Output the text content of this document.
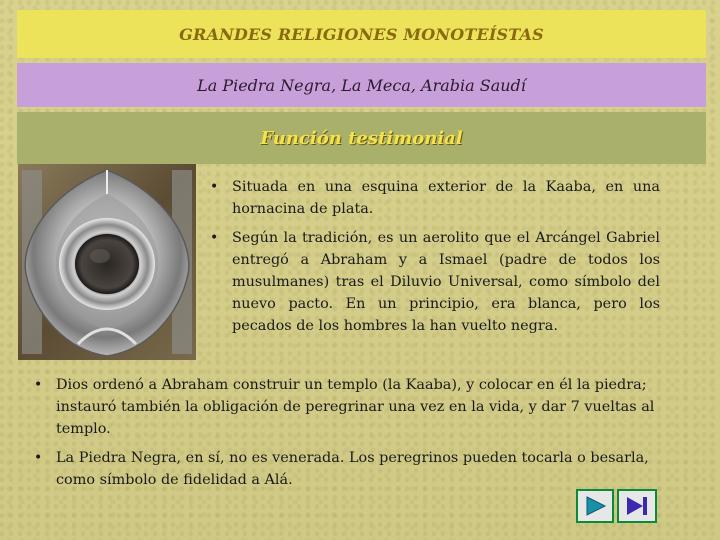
GRANDES RELIGIONES MONOTEÍSTAS
La Piedra Negra, La Meca, Arabia Saudí
Función testimonial
• Situada en una esquina exterior de la Kaaba, en una hornacina de plata.
• Según la tradición, es un aerolito que el Arcángel Gabriel entregó a Abraham y a Ismael (padre de todos los musulmanes) tras el Diluvio Universal, como símbolo del nuevo pacto. En un principio, era blanca, pero los pecados de los hombres la han vuelto negra.
• Dios ordenó a Abraham construir un templo (la Kaaba), y colocar en él la piedra; instauró también la obligación de peregrinar una vez en la vida, y dar 7 vueltas al templo.
• La Piedra Negra, en sí, no es venerada. Los peregrinos pueden tocarla o besarla, como símbolo de fidelidad a Alá.
